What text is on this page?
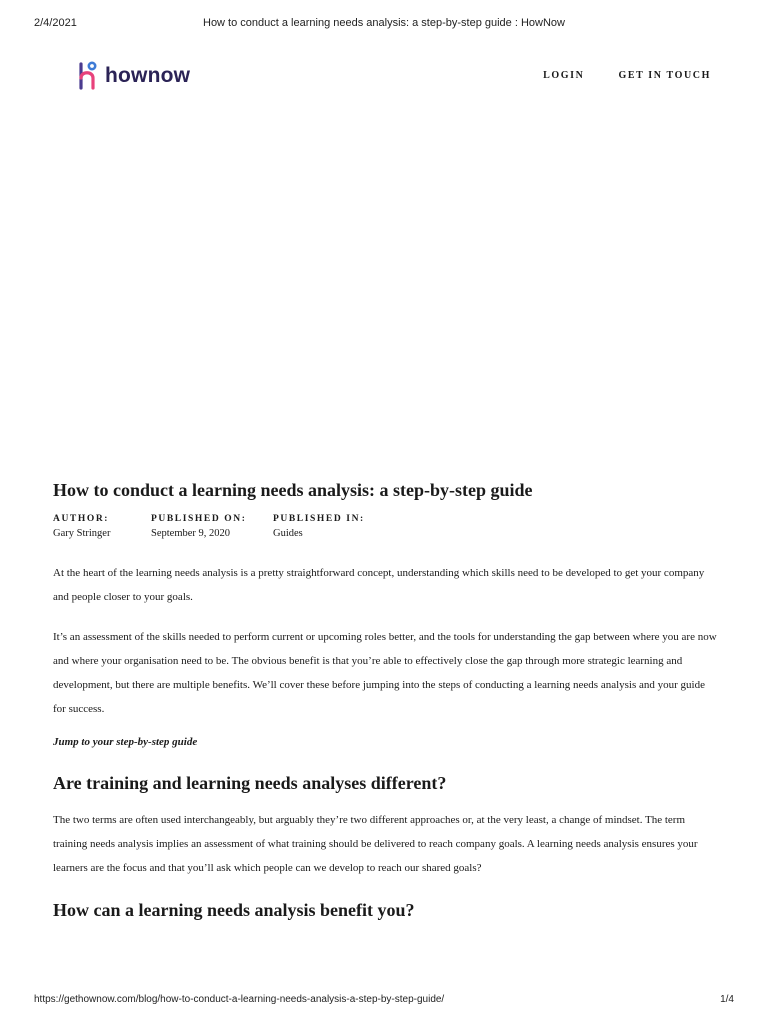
2/4/2021	How to conduct a learning needs analysis: a step-by-step guide : HowNow
hownow	LOGIN	GET IN TOUCH
How to conduct a learning needs analysis: a step-by-step guide
AUTHOR:
Gary Stringer
PUBLISHED ON:
September 9, 2020
PUBLISHED IN:
Guides

At the heart of the learning needs analysis is a pretty straightforward concept, understanding which skills need to be developed to get your company and people closer to your goals.

It’s an assessment of the skills needed to perform current or upcoming roles better, and the tools for understanding the gap between where you are now and where your organisation need to be. The obvious benefit is that you’re able to effectively close the gap through more strategic learning and development, but there are multiple benefits. We’ll cover these before jumping into the steps of conducting a learning needs analysis and your guide for success.

Jump to your step-by-step guide
Are training and learning needs analyses different?

The two terms are often used interchangeably, but arguably they’re two different approaches or, at the very least, a change of mindset. The term training needs analysis implies an assessment of what training should be delivered to reach company goals. A learning needs analysis ensures your learners are the focus and that you’ll ask which people can we develop to reach our shared goals?

How can a learning needs analysis benefit you?
https://gethownow.com/blog/how-to-conduct-a-learning-needs-analysis-a-step-by-step-guide/	1/4
